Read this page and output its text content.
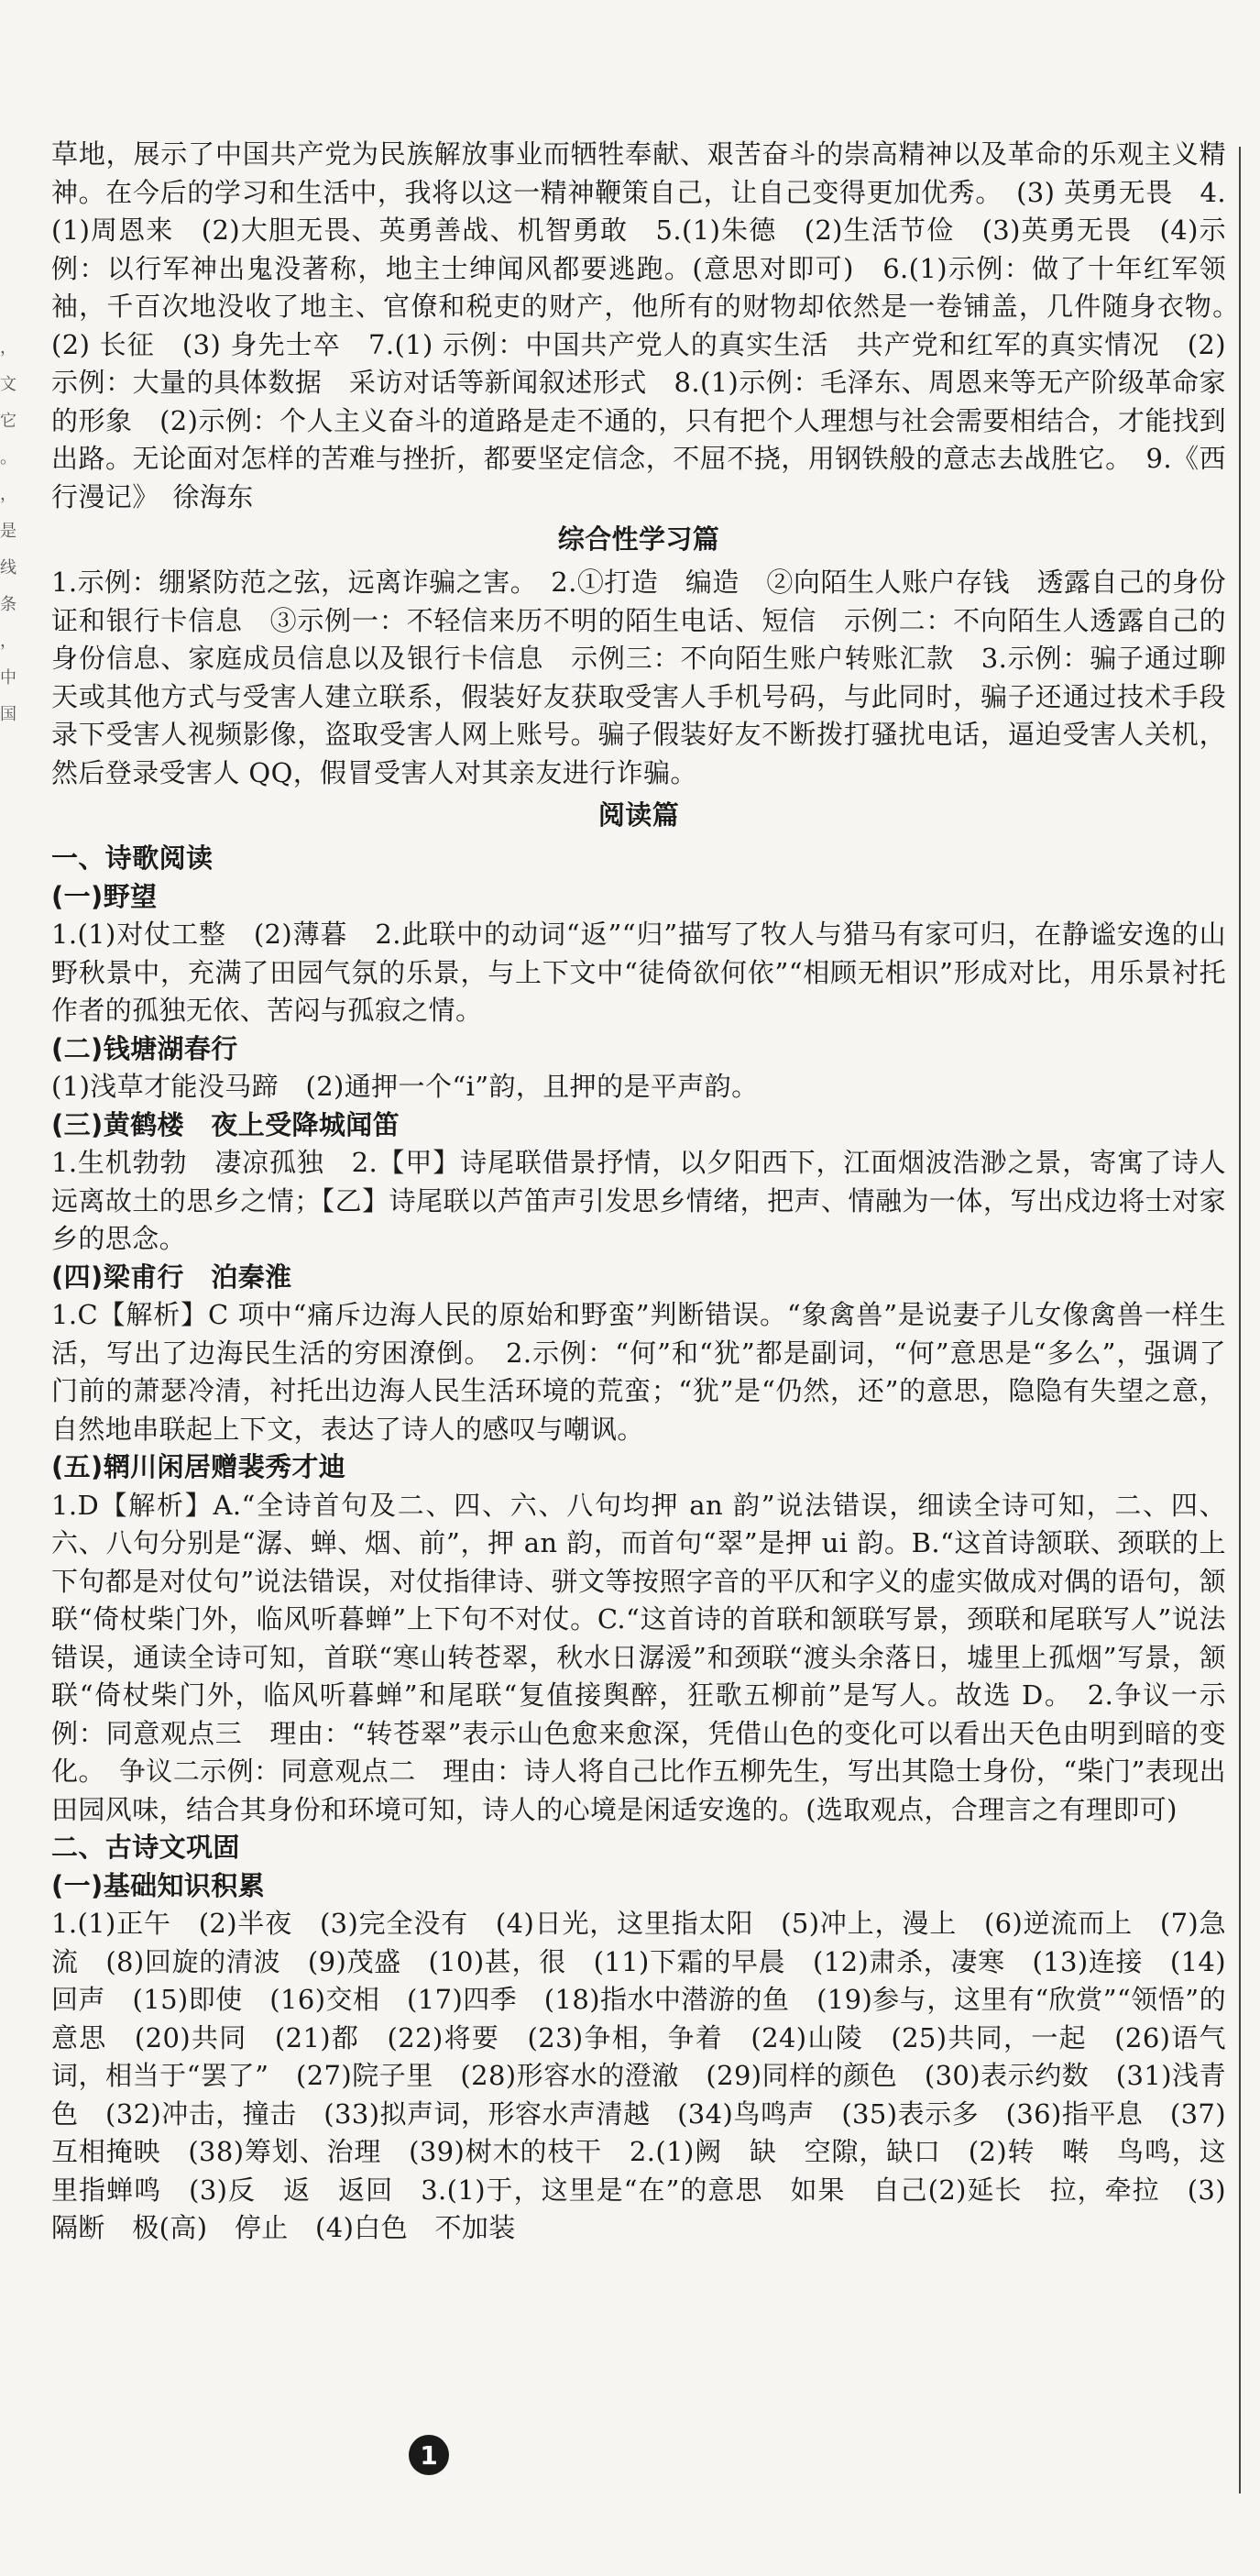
，
文
它
。
，
是
线
条
，
中
国

草地，展示了中国共产党为民族解放事业而牺牲奉献、艰苦奋斗的崇高精神以及革命的乐观主义精神。在今后的学习和生活中，我将以这一精神鞭策自己，让自己变得更加优秀。　(3) 英勇无畏　4.(1)周恩来　(2)大胆无畏、英勇善战、机智勇敢　5.(1)朱德　(2)生活节俭　(3)英勇无畏　(4)示例：以行军神出鬼没著称，地主士绅闻风都要逃跑。(意思对即可)　6.(1)示例：做了十年红军领袖，千百次地没收了地主、官僚和税吏的财产，他所有的财物却依然是一卷铺盖，几件随身衣物。　(2) 长征　(3) 身先士卒　7.(1) 示例：中国共产党人的真实生活　共产党和红军的真实情况　(2)示例：大量的具体数据　采访对话等新闻叙述形式　8.(1)示例：毛泽东、周恩来等无产阶级革命家的形象　(2)示例：个人主义奋斗的道路是走不通的，只有把个人理想与社会需要相结合，才能找到出路。无论面对怎样的苦难与挫折，都要坚定信念，不屈不挠，用钢铁般的意志去战胜它。　9.《西行漫记》　徐海东

综合性学习篇

1.示例：绷紧防范之弦，远离诈骗之害。　2.①打造　编造　②向陌生人账户存钱　透露自己的身份证和银行卡信息　③示例一：不轻信来历不明的陌生电话、短信　示例二：不向陌生人透露自己的身份信息、家庭成员信息以及银行卡信息　示例三：不向陌生账户转账汇款　3.示例：骗子通过聊天或其他方式与受害人建立联系，假装好友获取受害人手机号码，与此同时，骗子还通过技术手段录下受害人视频影像，盗取受害人网上账号。骗子假装好友不断拨打骚扰电话，逼迫受害人关机，然后登录受害人 QQ，假冒受害人对其亲友进行诈骗。

阅读篇

一、诗歌阅读

(一)野望

1.(1)对仗工整　(2)薄暮　2.此联中的动词“返”“归”描写了牧人与猎马有家可归，在静谧安逸的山野秋景中，充满了田园气氛的乐景，与上下文中“徒倚欲何依”“相顾无相识”形成对比，用乐景衬托作者的孤独无依、苦闷与孤寂之情。

(二)钱塘湖春行

(1)浅草才能没马蹄　(2)通押一个“i”韵，且押的是平声韵。

(三)黄鹤楼　夜上受降城闻笛

1.生机勃勃　凄凉孤独　2.【甲】诗尾联借景抒情，以夕阳西下，江面烟波浩渺之景，寄寓了诗人远离故土的思乡之情；【乙】诗尾联以芦笛声引发思乡情绪，把声、情融为一体，写出戍边将士对家乡的思念。

(四)梁甫行　泊秦淮

1.C【解析】C 项中“痛斥边海人民的原始和野蛮”判断错误。“象禽兽”是说妻子儿女像禽兽一样生活，写出了边海民生活的穷困潦倒。　2.示例：“何”和“犹”都是副词，“何”意思是“多么”，强调了门前的萧瑟冷清，衬托出边海人民生活环境的荒蛮；“犹”是“仍然，还”的意思，隐隐有失望之意，自然地串联起上下文，表达了诗人的感叹与嘲讽。

(五)辋川闲居赠裴秀才迪

1.D【解析】A.“全诗首句及二、四、六、八句均押 an 韵”说法错误，细读全诗可知，二、四、六、八句分别是“潺、蝉、烟、前”，押 an 韵，而首句“翠”是押 ui 韵。B.“这首诗颔联、颈联的上下句都是对仗句”说法错误，对仗指律诗、骈文等按照字音的平仄和字义的虚实做成对偶的语句，颔联“倚杖柴门外，临风听暮蝉”上下句不对仗。C.“这首诗的首联和颔联写景，颈联和尾联写人”说法错误，通读全诗可知，首联“寒山转苍翠，秋水日潺湲”和颈联“渡头余落日，墟里上孤烟”写景，颔联“倚杖柴门外，临风听暮蝉”和尾联“复值接舆醉，狂歌五柳前”是写人。故选 D。　2.争议一示例：同意观点三　理由：“转苍翠”表示山色愈来愈深，凭借山色的变化可以看出天色由明到暗的变化。　争议二示例：同意观点二　理由：诗人将自己比作五柳先生，写出其隐士身份，“柴门”表现出田园风味，结合其身份和环境可知，诗人的心境是闲适安逸的。(选取观点，合理言之有理即可)

二、古诗文巩固

(一)基础知识积累

1.(1)正午　(2)半夜　(3)完全没有　(4)日光，这里指太阳　(5)冲上，漫上　(6)逆流而上　(7)急流　(8)回旋的清波　(9)茂盛　(10)甚，很　(11)下霜的早晨　(12)肃杀，凄寒　(13)连接　(14)回声　(15)即使　(16)交相　(17)四季　(18)指水中潜游的鱼　(19)参与，这里有“欣赏”“领悟”的意思　(20)共同　(21)都　(22)将要　(23)争相，争着　(24)山陵　(25)共同，一起　(26)语气词，相当于“罢了”　(27)院子里　(28)形容水的澄澈　(29)同样的颜色　(30)表示约数　(31)浅青色　(32)冲击，撞击　(33)拟声词，形容水声清越　(34)鸟鸣声　(35)表示多　(36)指平息　(37)互相掩映　(38)筹划、治理　(39)树木的枝干　2.(1)阙　缺　空隙，缺口　(2)转　啭　鸟鸣，这里指蝉鸣　(3)反　返　返回　3.(1)于，这里是“在”的意思　如果　自己(2)延长　拉，牵拉　(3)隔断　极(高)　停止　(4)白色　不加装

1
